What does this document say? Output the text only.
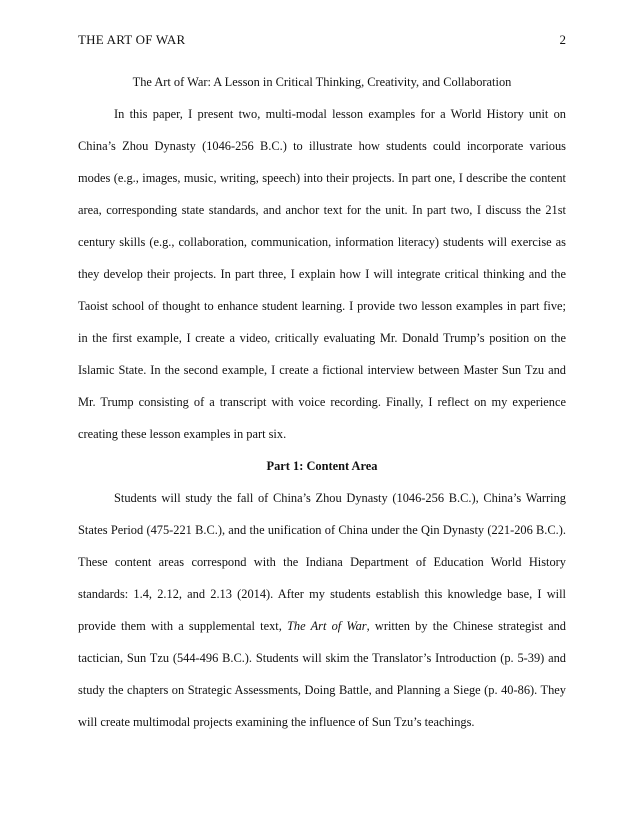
THE ART OF WAR	2

The Art of War: A Lesson in Critical Thinking, Creativity, and Collaboration

In this paper, I present two, multi-modal lesson examples for a World History unit on China’s Zhou Dynasty (1046-256 B.C.) to illustrate how students could incorporate various modes (e.g., images, music, writing, speech) into their projects. In part one, I describe the content area, corresponding state standards, and anchor text for the unit. In part two, I discuss the 21st century skills (e.g., collaboration, communication, information literacy) students will exercise as they develop their projects. In part three, I explain how I will integrate critical thinking and the Taoist school of thought to enhance student learning. I provide two lesson examples in part five; in the first example, I create a video, critically evaluating Mr. Donald Trump’s position on the Islamic State. In the second example, I create a fictional interview between Master Sun Tzu and Mr. Trump consisting of a transcript with voice recording. Finally, I reflect on my experience creating these lesson examples in part six.

Part 1: Content Area

Students will study the fall of China’s Zhou Dynasty (1046-256 B.C.), China’s Warring States Period (475-221 B.C.), and the unification of China under the Qin Dynasty (221-206 B.C.). These content areas correspond with the Indiana Department of Education World History standards: 1.4, 2.12, and 2.13 (2014). After my students establish this knowledge base, I will provide them with a supplemental text, The Art of War, written by the Chinese strategist and tactician, Sun Tzu (544-496 B.C.). Students will skim the Translator’s Introduction (p. 5-39) and study the chapters on Strategic Assessments, Doing Battle, and Planning a Siege (p. 40-86). They will create multimodal projects examining the influence of Sun Tzu’s teachings.
